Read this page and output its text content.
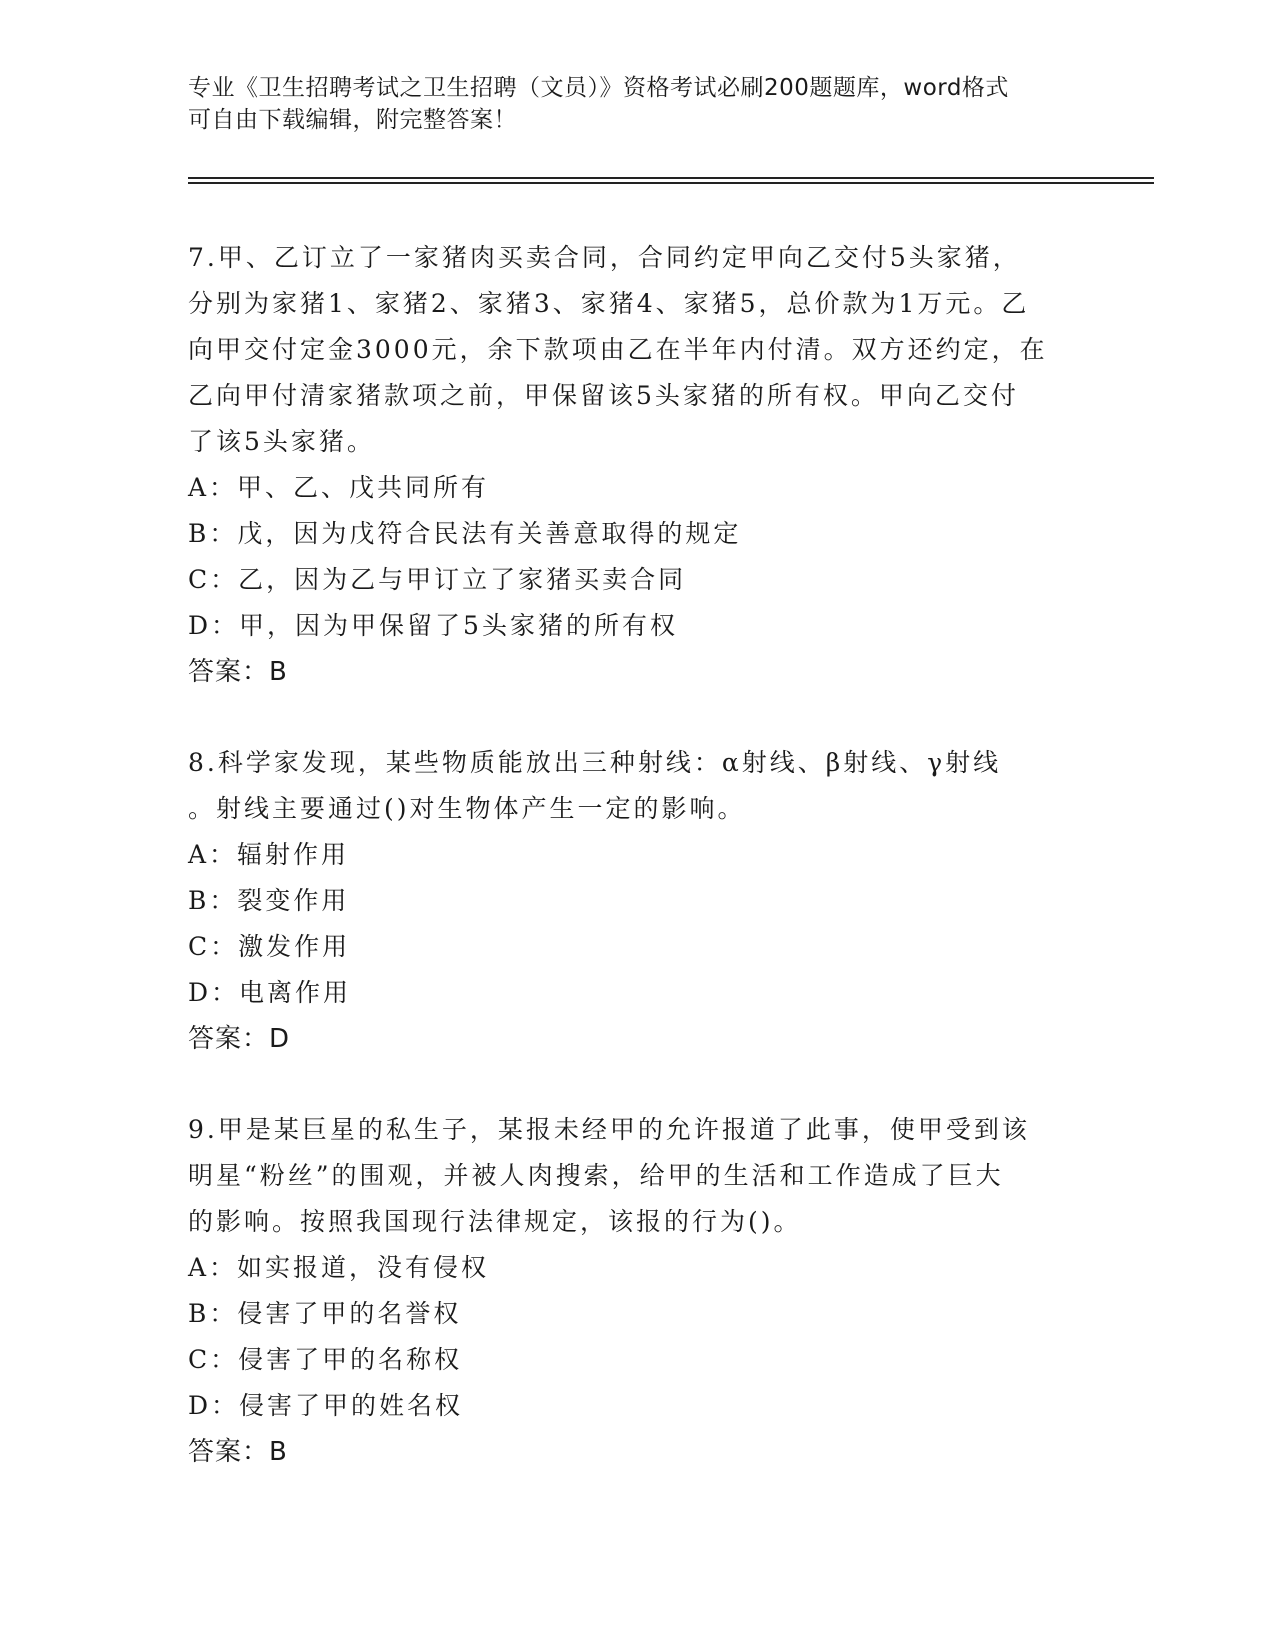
专业《卫生招聘考试之卫生招聘（文员）》资格考试必刷200题题库，word格式
可自由下载编辑，附完整答案！
7.甲、乙订立了一家猪肉买卖合同，合同约定甲向乙交付5头家猪，
分别为家猪1、家猪2、家猪3、家猪4、家猪5，总价款为1万元。乙
向甲交付定金3000元，余下款项由乙在半年内付清。双方还约定，在
乙向甲付清家猪款项之前，甲保留该5头家猪的所有权。甲向乙交付
了该5头家猪。
A：甲、乙、戊共同所有
B：戊，因为戊符合民法有关善意取得的规定
C：乙，因为乙与甲订立了家猪买卖合同
D：甲，因为甲保留了5头家猪的所有权
答案：B
8.科学家发现，某些物质能放出三种射线：α射线、β射线、γ射线
。射线主要通过()对生物体产生一定的影响。
A：辐射作用
B：裂变作用
C：激发作用
D：电离作用
答案：D
9.甲是某巨星的私生子，某报未经甲的允许报道了此事，使甲受到该
明星“粉丝”的围观，并被人肉搜索，给甲的生活和工作造成了巨大
的影响。按照我国现行法律规定，该报的行为()。
A：如实报道，没有侵权
B：侵害了甲的名誉权
C：侵害了甲的名称权
D：侵害了甲的姓名权
答案：B
